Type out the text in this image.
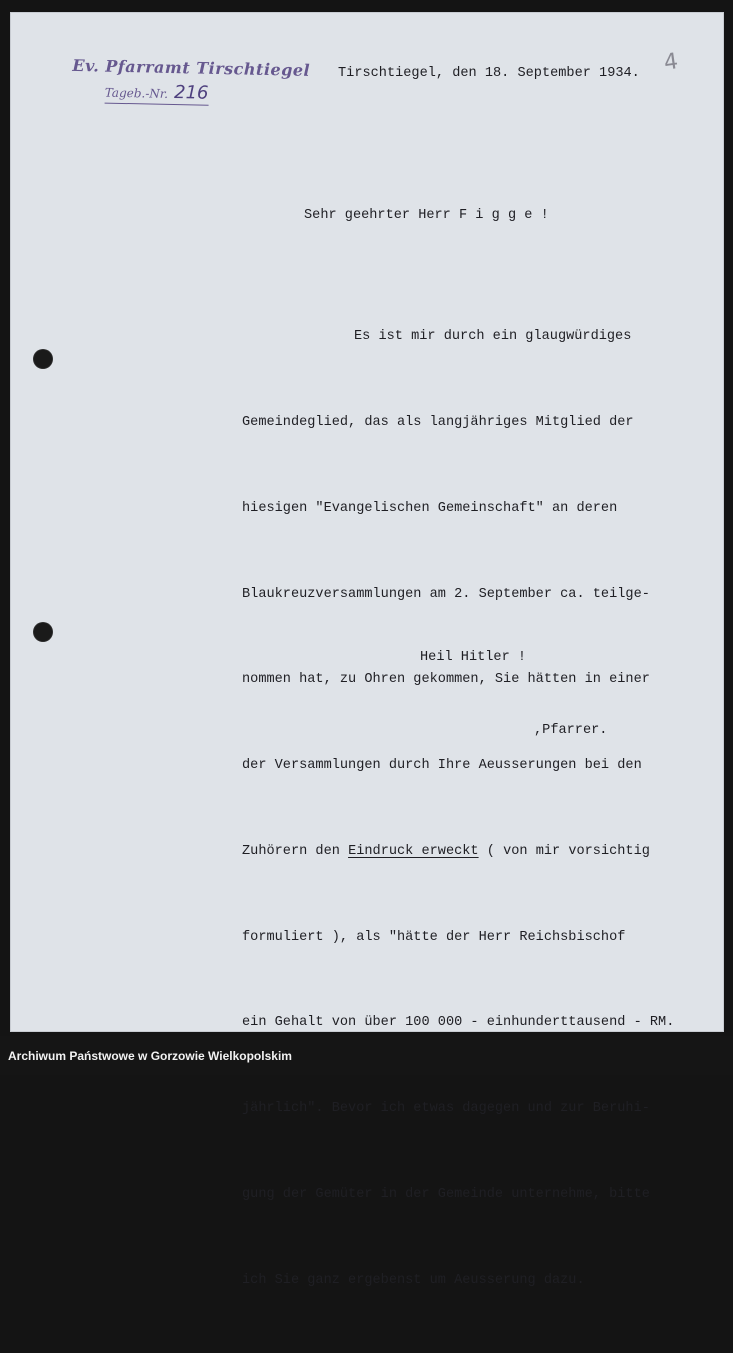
Ev. Pfarramt Tirschtiegel
Tageb.-Nr. 216
4
Tirschtiegel, den 18. September 1934.
Sehr geehrter Herr F i g g e !

Es ist mir durch ein glaugwürdiges

Gemeindeglied, das als langjähriges Mitglied der

hiesigen "Evangelischen Gemeinschaft" an deren

Blaukreuzversammlungen am 2. September ca. teilge-

nommen hat, zu Ohren gekommen, Sie hätten in einer

der Versammlungen durch Ihre Aeusserungen bei den

Zuhörern den Eindruck erweckt ( von mir vorsichtig

formuliert ), als "hätte der Herr Reichsbischof

ein Gehalt von über 100 000 - einhunderttausend - RM.

jährlich". Bevor ich etwas dagegen und zur Beruhi-

gung der Gemüter in der Gemeinde unternehme, bitte

ich Sie ganz ergebenst um Aeusserung dazu.

Heil Hitler !
,Pfarrer.
Archiwum Państwowe w Gorzowie Wielkopolskim
